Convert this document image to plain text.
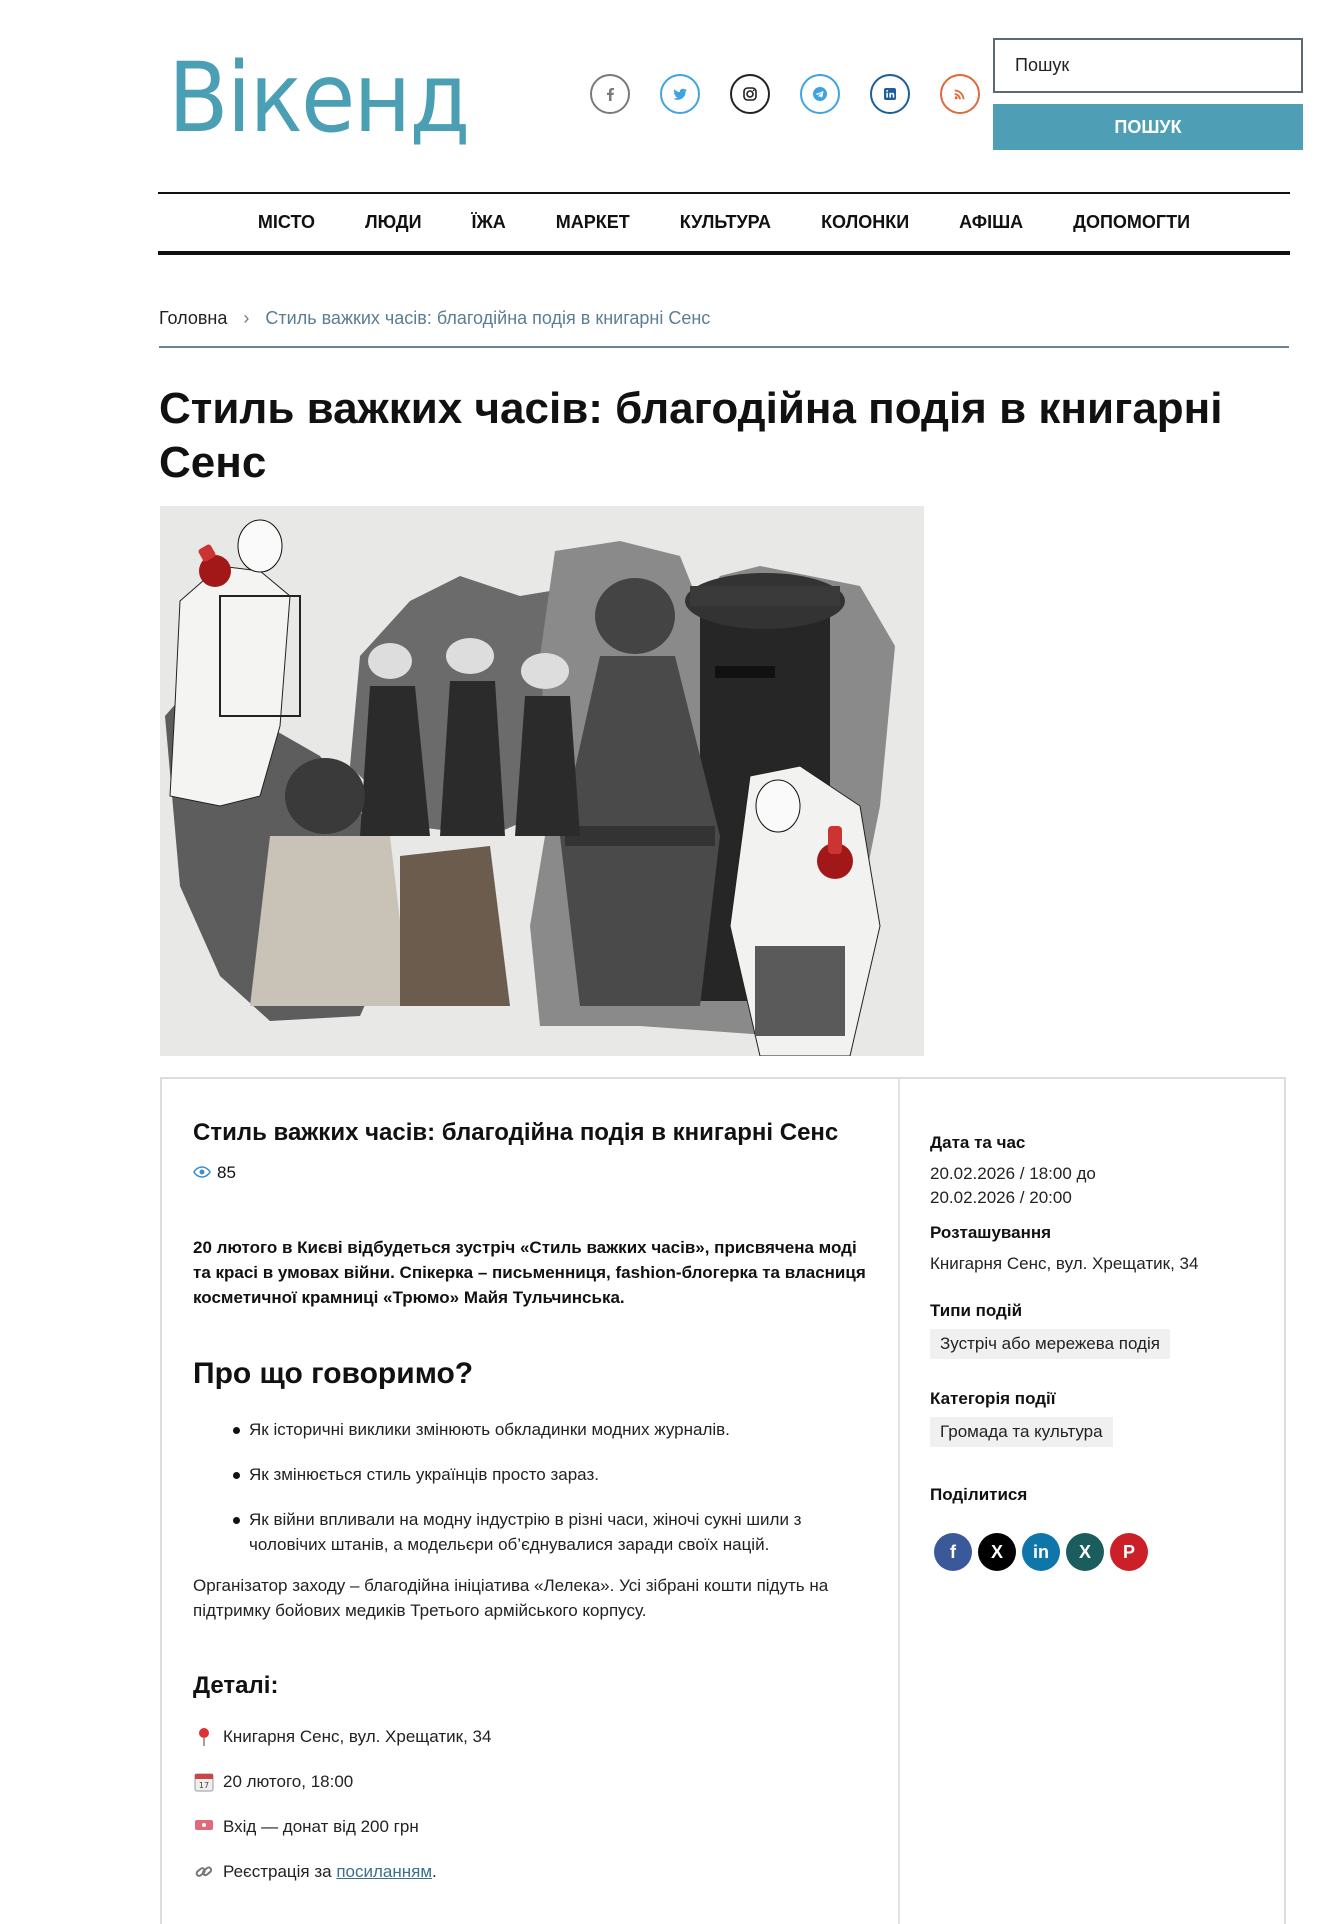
Вікенд	Пошук
ПОШУК
МІСТО	ЛЮДИ	ЇЖА	МАРКЕТ	КУЛЬТУРА	КОЛОНКИ	АФІША	ДОПОМОГТИ
Головна › Стиль важких часів: благодійна подія в книгарні Сенс
Стиль важких часів: благодійна подія в книгарні Сенс
Стиль важких часів: благодійна подія в книгарні Сенс
85

20 лютого в Києві відбудеться зустріч «Стиль важких часів», присвячена моді та красі в умовах війни. Спікерка – письменниця, fashion-блогерка та власниця косметичної крамниці «Трюмо» Майя Тульчинська.

Про що говоримо?
Як історичні виклики змінюють обкладинки модних журналів.
Як змінюється стиль українців просто зараз.
Як війни впливали на модну індустрію в різні часи, жіночі сукні шили з чоловічих штанів, а модельєри об’єднувалися заради своїх націй.

Організатор заходу – благодійна ініціатива «Лелека». Усі зібрані кошти підуть на підтримку бойових медиків Третього армійського корпусу.

Деталі:
Книгарня Сенс, вул. Хрещатик, 34
17 20 лютого, 18:00
Вхід — донат від 200 грн
Реєстрація за посиланням.
Дата та час
20.02.2026 / 18:00 до
20.02.2026 / 20:00
Розташування
Книгарня Сенс, вул. Хрещатик, 34
Типи подій
Зустріч або мережева подія
Категорія події
Громада та культура
Поділитися
f	X	in	X	P
